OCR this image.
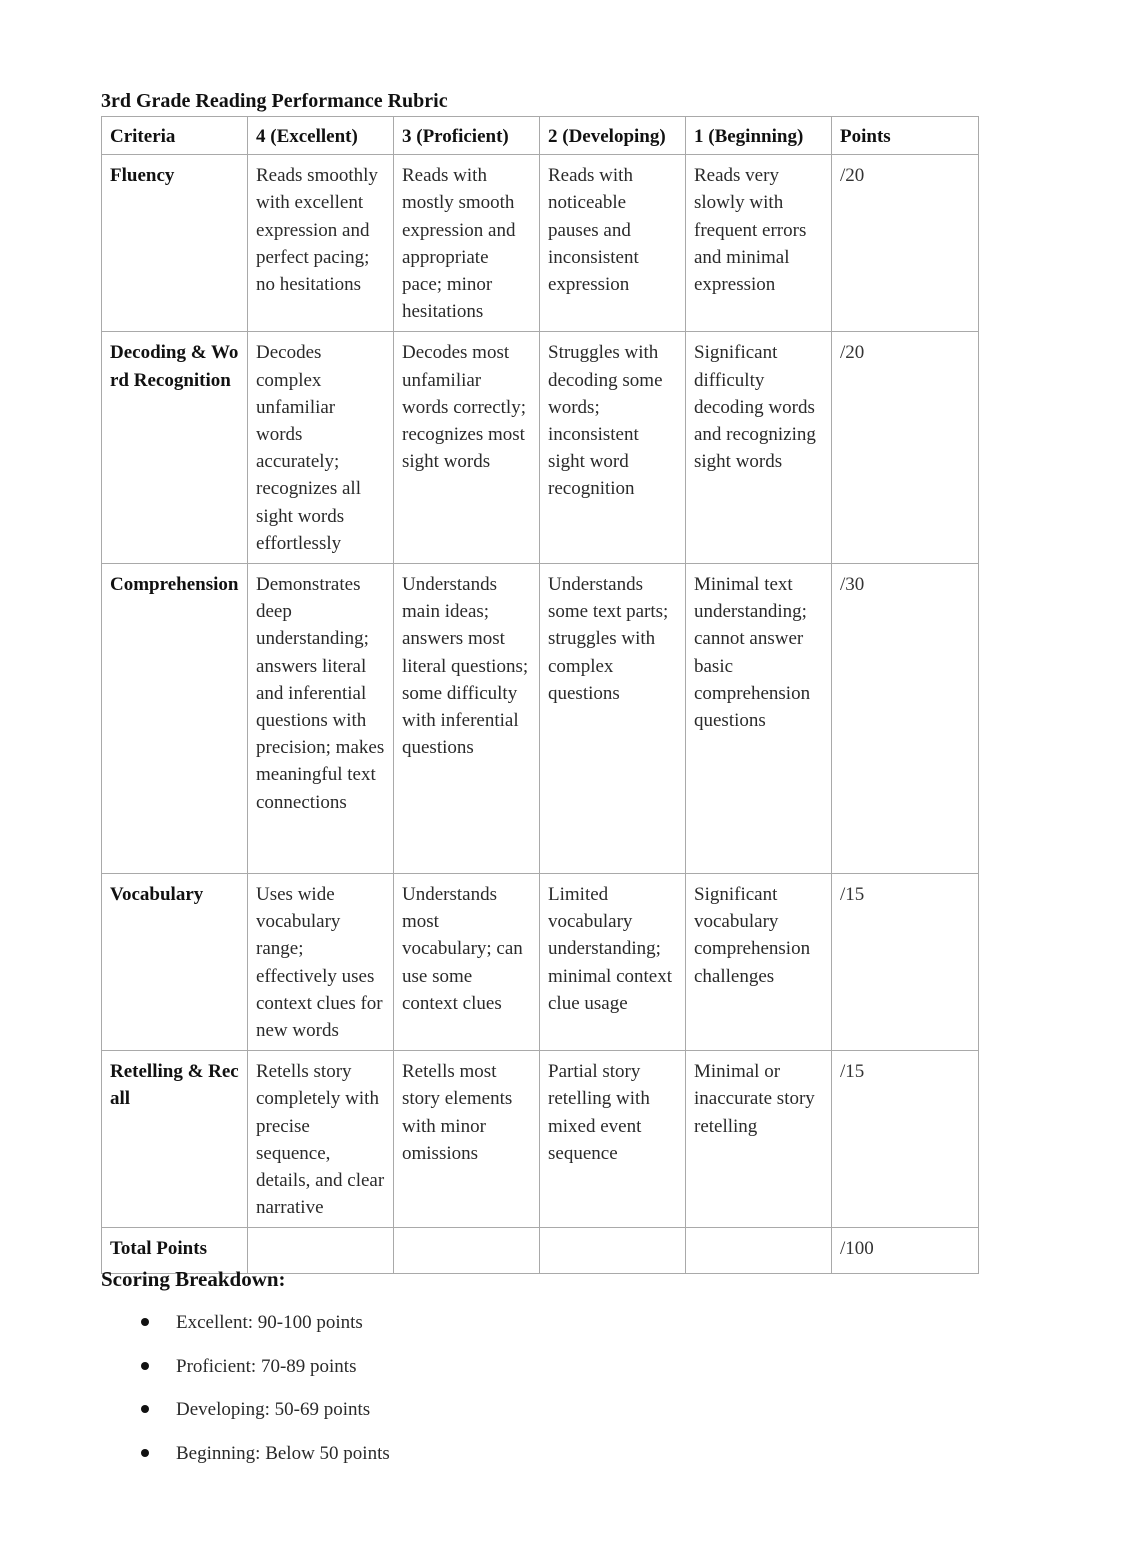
3rd Grade Reading Performance Rubric
Criteria	4 (Excellent)	3 (Proficient)	2 (Developing)	1 (Beginning)	Points
Fluency	Reads smoothly with excellent expression and perfect pacing; no hesitations	Reads with mostly smooth expression and appropriate pace; minor hesitations	Reads with noticeable pauses and inconsistent expression	Reads very slowly with frequent errors and minimal expression	/20
Decoding & Word Recognition	Decodes complex unfamiliar words accurately; recognizes all sight words effortlessly	Decodes most unfamiliar words correctly; recognizes most sight words	Struggles with decoding some words; inconsistent sight word recognition	Significant difficulty decoding words and recognizing sight words	/20
Comprehension	Demonstrates deep understanding; answers literal and inferential questions with precision; makes meaningful text connections	Understands main ideas; answers most literal questions; some difficulty with inferential questions	Understands some text parts; struggles with complex questions	Minimal text understanding; cannot answer basic comprehension questions	/30
Vocabulary	Uses wide vocabulary range; effectively uses context clues for new words	Understands most vocabulary; can use some context clues	Limited vocabulary understanding; minimal context clue usage	Significant vocabulary comprehension challenges	/15
Retelling & Recall	Retells story completely with precise sequence, details, and clear narrative	Retells most story elements with minor omissions	Partial story retelling with mixed event sequence	Minimal or inaccurate story retelling	/15
Total Points					/100
Scoring Breakdown:
Excellent: 90-100 points
Proficient: 70-89 points
Developing: 50-69 points
Beginning: Below 50 points
